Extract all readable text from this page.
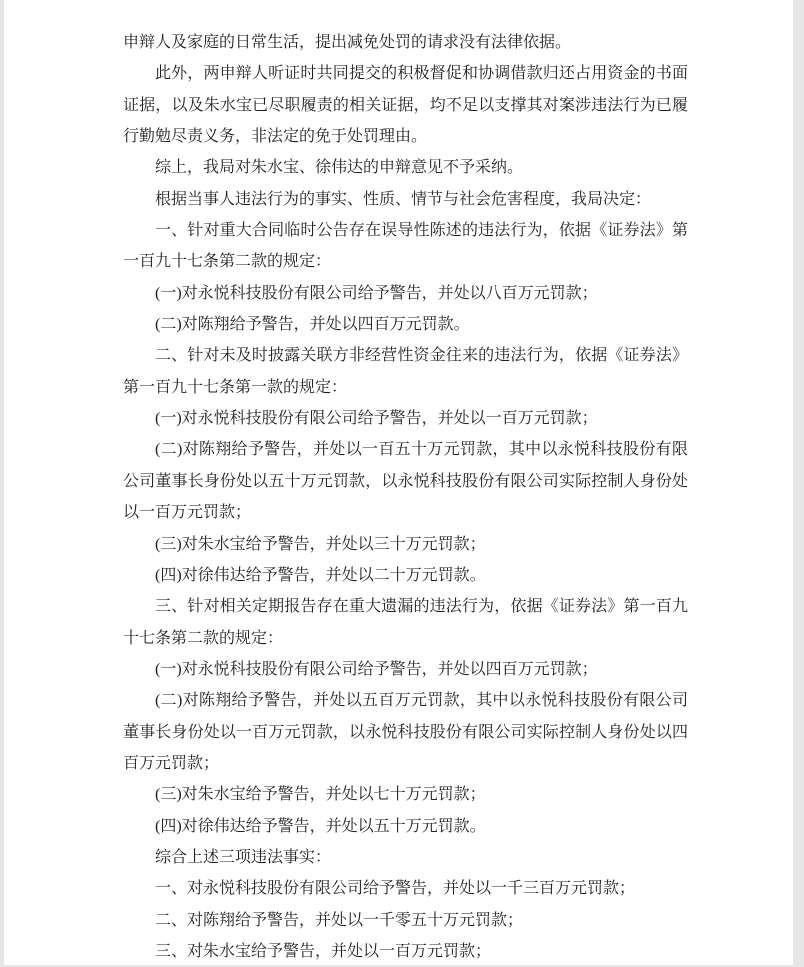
申辩人及家庭的日常生活，提出减免处罚的请求没有法律依据。
此外，两申辩人听证时共同提交的积极督促和协调借款归还占用资金的书面
证据，以及朱水宝已尽职履责的相关证据，均不足以支撑其对案涉违法行为已履
行勤勉尽责义务，非法定的免于处罚理由。
综上，我局对朱水宝、徐伟达的申辩意见不予采纳。
根据当事人违法行为的事实、性质、情节与社会危害程度，我局决定：
一、针对重大合同临时公告存在误导性陈述的违法行为，依据《证券法》第
一百九十七条第二款的规定：
(一)对永悦科技股份有限公司给予警告，并处以八百万元罚款；
(二)对陈翔给予警告，并处以四百万元罚款。
二、针对未及时披露关联方非经营性资金往来的违法行为，依据《证券法》
第一百九十七条第一款的规定：
(一)对永悦科技股份有限公司给予警告，并处以一百万元罚款；
(二)对陈翔给予警告，并处以一百五十万元罚款，其中以永悦科技股份有限
公司董事长身份处以五十万元罚款，以永悦科技股份有限公司实际控制人身份处
以一百万元罚款；
(三)对朱水宝给予警告，并处以三十万元罚款；
(四)对徐伟达给予警告，并处以二十万元罚款。
三、针对相关定期报告存在重大遗漏的违法行为，依据《证券法》第一百九
十七条第二款的规定：
(一)对永悦科技股份有限公司给予警告，并处以四百万元罚款；
(二)对陈翔给予警告，并处以五百万元罚款，其中以永悦科技股份有限公司
董事长身份处以一百万元罚款，以永悦科技股份有限公司实际控制人身份处以四
百万元罚款；
(三)对朱水宝给予警告，并处以七十万元罚款；
(四)对徐伟达给予警告，并处以五十万元罚款。
综合上述三项违法事实：
一、对永悦科技股份有限公司给予警告，并处以一千三百万元罚款；
二、对陈翔给予警告，并处以一千零五十万元罚款；
三、对朱水宝给予警告，并处以一百万元罚款；
